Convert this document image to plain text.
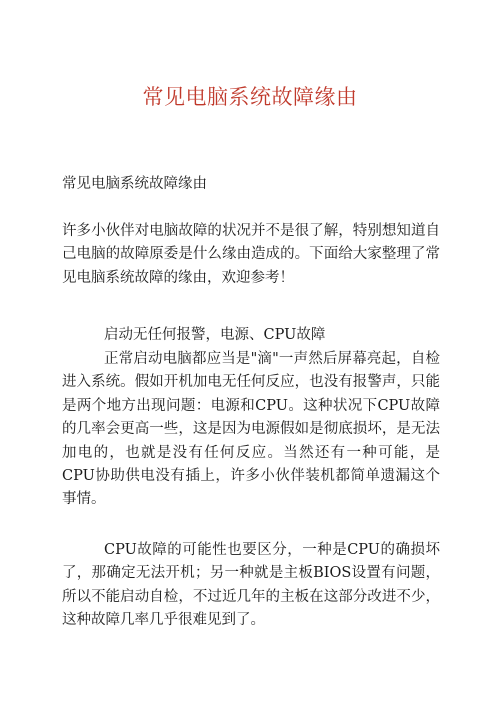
常见电脑系统故障缘由
常见电脑系统故障缘由

许多小伙伴对电脑故障的状况并不是很了解，特别想知道自己电脑的故障原委是什么缘由造成的。下面给大家整理了常见电脑系统故障的缘由，欢迎参考！

启动无任何报警，电源、CPU故障

正常启动电脑都应当是"滴"一声然后屏幕亮起，自检进入系统。假如开机加电无任何反应，也没有报警声，只能是两个地方出现问题：电源和CPU。这种状况下CPU故障的几率会更高一些，这是因为电源假如是彻底损坏，是无法加电的，也就是没有任何反应。当然还有一种可能，是CPU协助供电没有插上，许多小伙伴装机都简单遗漏这个事情。

CPU故障的可能性也要区分，一种是CPU的确损坏了，那确定无法开机；另一种就是主板BIOS设置有问题，所以不能启动自检，不过近几年的主板在这部分改进不少，这种故障几率几乎很难见到了。
